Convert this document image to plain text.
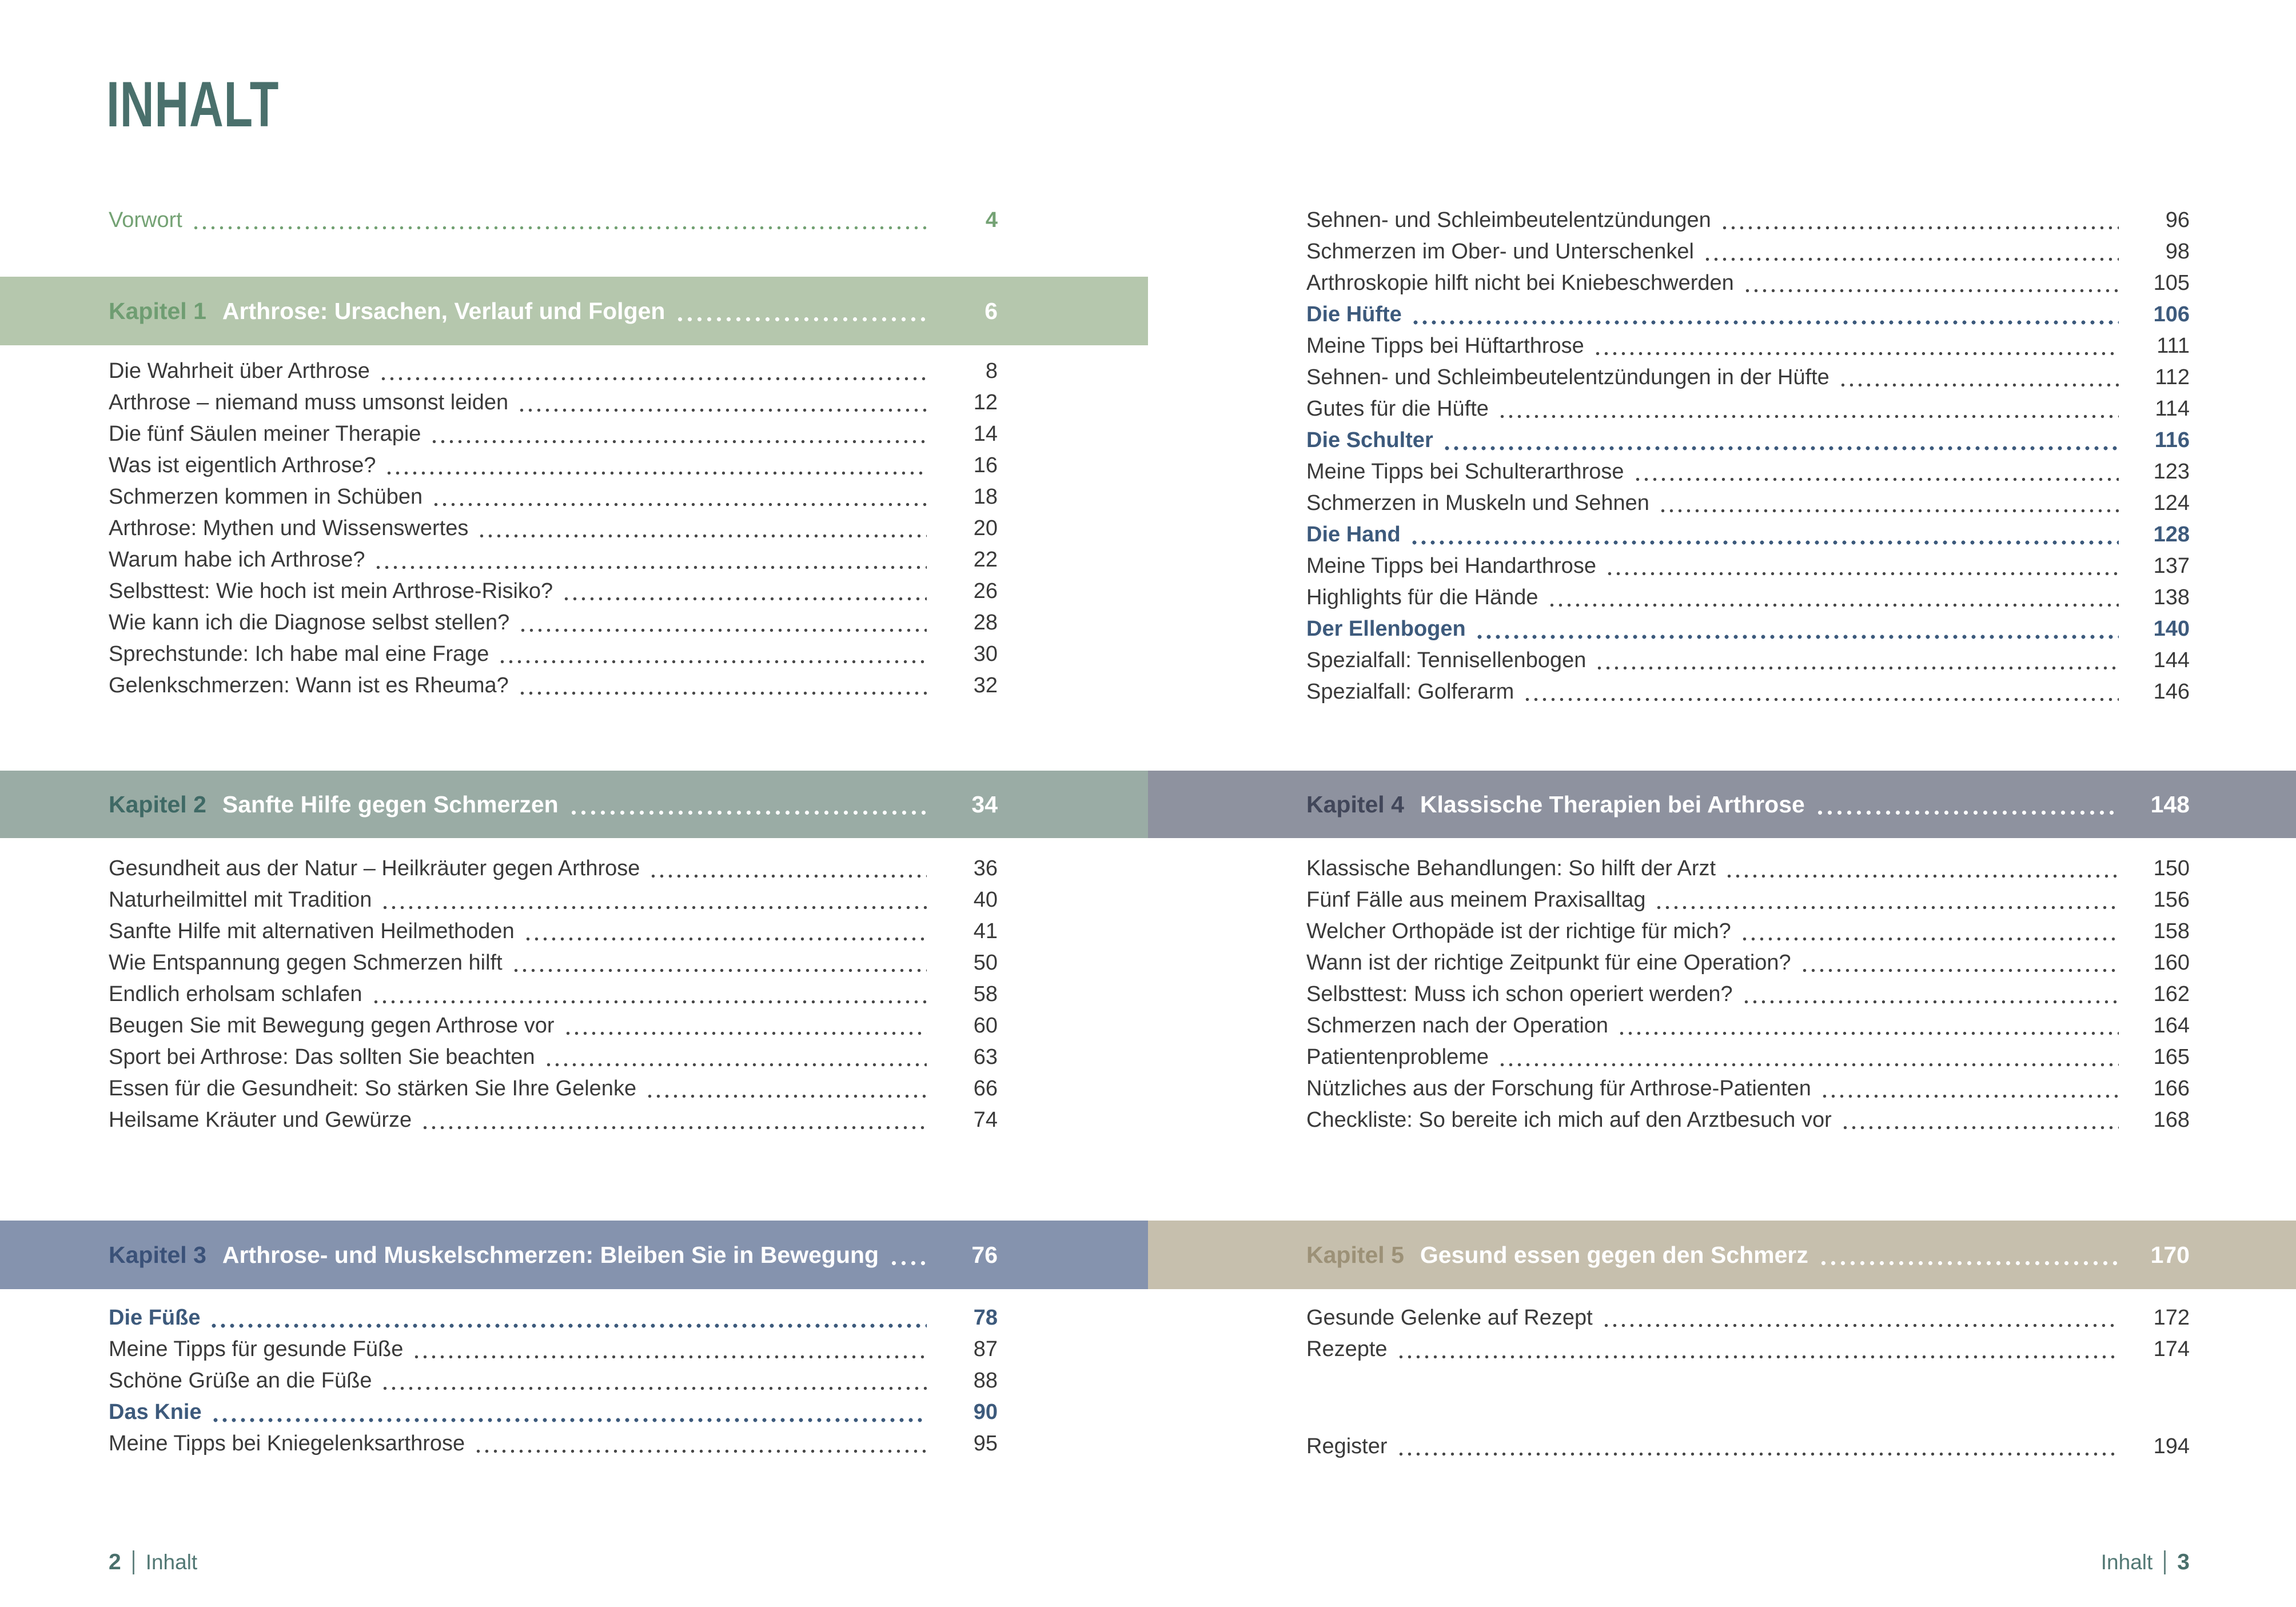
INHALT
Vorwort	4
Kapitel 1 Arthrose: Ursachen, Verlauf und Folgen	6
Die Wahrheit über Arthrose	8
Arthrose – niemand muss umsonst leiden	12
Die fünf Säulen meiner Therapie	14
Was ist eigentlich Arthrose?	16
Schmerzen kommen in Schüben	18
Arthrose: Mythen und Wissenswertes	20
Warum habe ich Arthrose?	22
Selbsttest: Wie hoch ist mein Arthrose-Risiko?	26
Wie kann ich die Diagnose selbst stellen?	28
Sprechstunde: Ich habe mal eine Frage	30
Gelenkschmerzen: Wann ist es Rheuma?	32
Kapitel 2 Sanfte Hilfe gegen Schmerzen	34
Gesundheit aus der Natur – Heilkräuter gegen Arthrose	36
Naturheilmittel mit Tradition	40
Sanfte Hilfe mit alternativen Heilmethoden	41
Wie Entspannung gegen Schmerzen hilft	50
Endlich erholsam schlafen	58
Beugen Sie mit Bewegung gegen Arthrose vor	60
Sport bei Arthrose: Das sollten Sie beachten	63
Essen für die Gesundheit: So stärken Sie Ihre Gelenke	66
Heilsame Kräuter und Gewürze	74
Kapitel 3 Arthrose- und Muskelschmerzen: Bleiben Sie in Bewegung	76
Die Füße	78
Meine Tipps für gesunde Füße	87
Schöne Grüße an die Füße	88
Das Knie	90
Meine Tipps bei Kniegelenksarthrose	95
2 Inhalt
Sehnen- und Schleimbeutelentzündungen	96
Schmerzen im Ober- und Unterschenkel	98
Arthroskopie hilft nicht bei Kniebeschwerden	105
Die Hüfte	106
Meine Tipps bei Hüftarthrose	111
Sehnen- und Schleimbeutelentzündungen in der Hüfte	112
Gutes für die Hüfte	114
Die Schulter	116
Meine Tipps bei Schulterarthrose	123
Schmerzen in Muskeln und Sehnen	124
Die Hand	128
Meine Tipps bei Handarthrose	137
Highlights für die Hände	138
Der Ellenbogen	140
Spezialfall: Tennisellenbogen	144
Spezialfall: Golferarm	146
Kapitel 4 Klassische Therapien bei Arthrose	148
Klassische Behandlungen: So hilft der Arzt	150
Fünf Fälle aus meinem Praxisalltag	156
Welcher Orthopäde ist der richtige für mich?	158
Wann ist der richtige Zeitpunkt für eine Operation?	160
Selbsttest: Muss ich schon operiert werden?	162
Schmerzen nach der Operation	164
Patientenprobleme	165
Nützliches aus der Forschung für Arthrose-Patienten	166
Checkliste: So bereite ich mich auf den Arztbesuch vor	168
Kapitel 5 Gesund essen gegen den Schmerz	170
Gesunde Gelenke auf Rezept	172
Rezepte	174
Register	194
Inhalt 3
